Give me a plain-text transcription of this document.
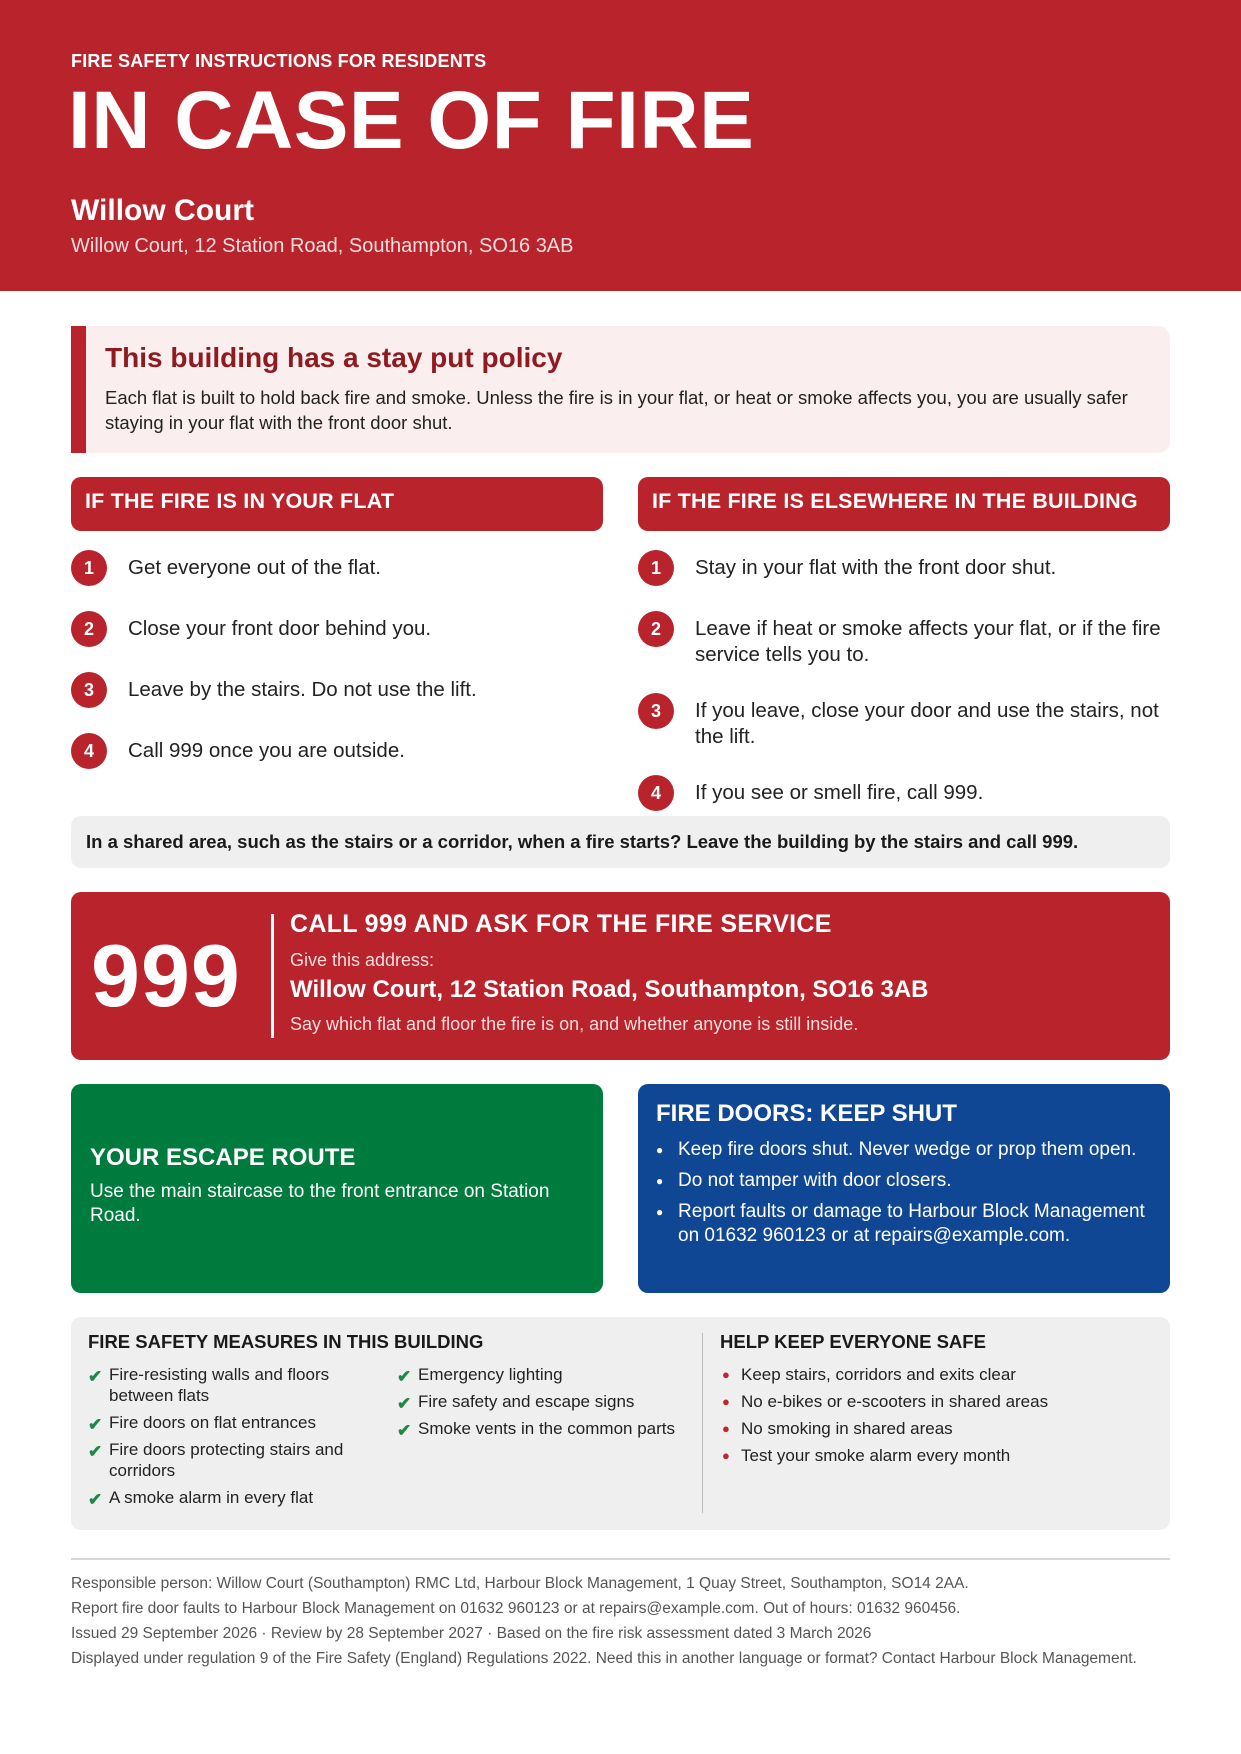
FIRE SAFETY INSTRUCTIONS FOR RESIDENTS
IN CASE OF FIRE
Willow Court
Willow Court, 12 Station Road, Southampton, SO16 3AB
This building has a stay put policy
Each flat is built to hold back fire and smoke. Unless the fire is in your flat, or heat or smoke affects you, you are usually safer staying in your flat with the front door shut.
IF THE FIRE IS IN YOUR FLAT	IF THE FIRE IS ELSEWHERE IN THE BUILDING
1	Get everyone out of the flat.
2	Close your front door behind you.
3	Leave by the stairs. Do not use the lift.
4	Call 999 once you are outside.
1	Stay in your flat with the front door shut.
2	Leave if heat or smoke affects your flat, or if the fire service tells you to.
3	If you leave, close your door and use the stairs, not the lift.
4	If you see or smell fire, call 999.
In a shared area, such as the stairs or a corridor, when a fire starts? Leave the building by the stairs and call 999.
999
CALL 999 AND ASK FOR THE FIRE SERVICE
Give this address:
Willow Court, 12 Station Road, Southampton, SO16 3AB
Say which flat and floor the fire is on, and whether anyone is still inside.
YOUR ESCAPE ROUTE
Use the main staircase to the front entrance on Station Road.
FIRE DOORS: KEEP SHUT
● Keep fire doors shut. Never wedge or prop them open.
● Do not tamper with door closers.
● Report faults or damage to Harbour Block Management on 01632 960123 or at repairs@example.com.
FIRE SAFETY MEASURES IN THIS BUILDING
✔ Fire-resisting walls and floors between flats
✔ Fire doors on flat entrances
✔ Fire doors protecting stairs and corridors
✔ A smoke alarm in every flat
✔ Emergency lighting
✔ Fire safety and escape signs
✔ Smoke vents in the common parts
HELP KEEP EVERYONE SAFE
● Keep stairs, corridors and exits clear
● No e-bikes or e-scooters in shared areas
● No smoking in shared areas
● Test your smoke alarm every month

Responsible person: Willow Court (Southampton) RMC Ltd, Harbour Block Management, 1 Quay Street, Southampton, SO14 2AA.

Report fire door faults to Harbour Block Management on 01632 960123 or at repairs@example.com. Out of hours: 01632 960456.

Issued 29 September 2026 · Review by 28 September 2027 · Based on the fire risk assessment dated 3 March 2026

Displayed under regulation 9 of the Fire Safety (England) Regulations 2022. Need this in another language or format? Contact Harbour Block Management.
